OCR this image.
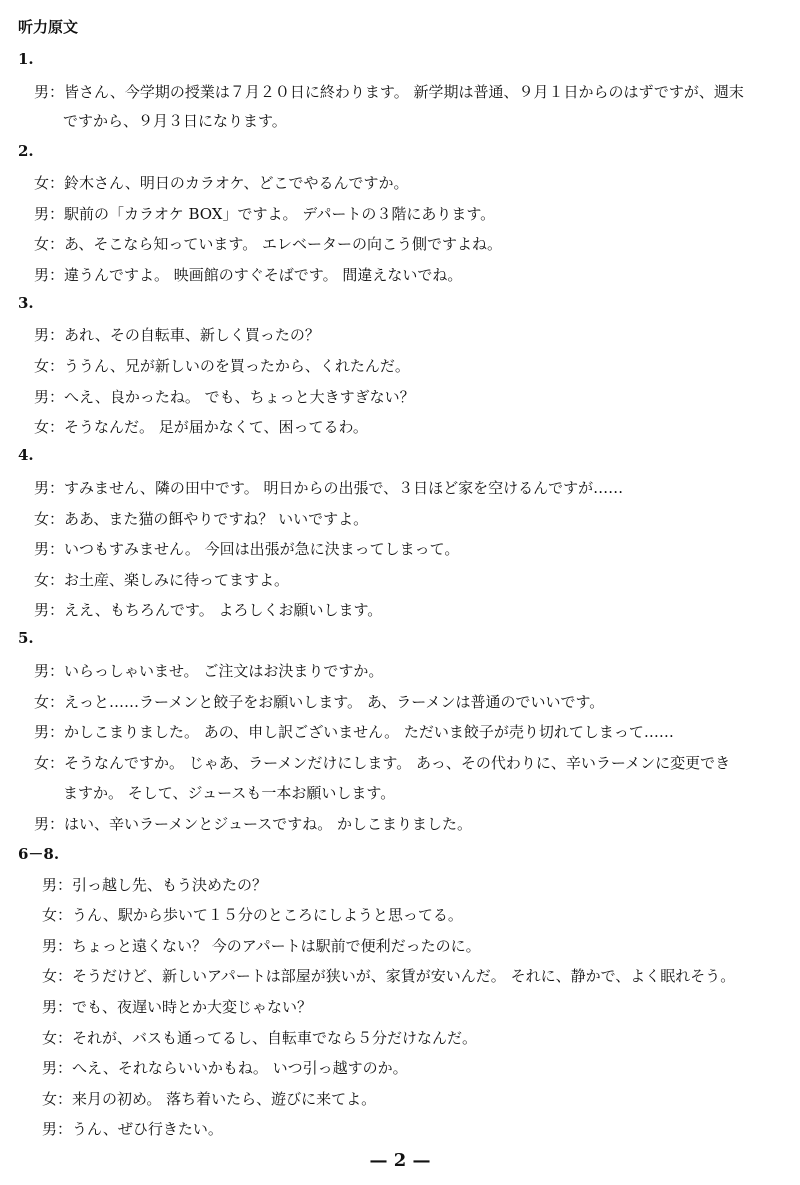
听力原文
1.
男：皆さん、今学期の授業は７月２０日に終わります。 新学期は普通、９月１日からのはずですが、週末
ですから、９月３日になります。
2.
女：鈴木さん、明日のカラオケ、どこでやるんですか。
男：駅前の「カラオケ BOX」ですよ。 デパートの３階にあります。
女：あ、そこなら知っています。 エレベーターの向こう側ですよね。
男：違うんですよ。 映画館のすぐそばです。 間違えないでね。
3.
男：あれ、その自転車、新しく買ったの？
女：ううん、兄が新しいのを買ったから、くれたんだ。
男：へえ、良かったね。 でも、ちょっと大きすぎない？
女：そうなんだ。 足が届かなくて、困ってるわ。
4.
男：すみません、隣の田中です。 明日からの出張で、３日ほど家を空けるんですが……
女：ああ、また猫の餌やりですね？ いいですよ。
男：いつもすみません。 今回は出張が急に決まってしまって。
女：お土産、楽しみに待ってますよ。
男：ええ、もちろんです。 よろしくお願いします。
5.
男：いらっしゃいませ。 ご注文はお決まりですか。
女：えっと……ラーメンと餃子をお願いします。 あ、ラーメンは普通のでいいです。
男：かしこまりました。 あの、申し訳ございません。 ただいま餃子が売り切れてしまって……
女：そうなんですか。 じゃあ、ラーメンだけにします。 あっ、その代わりに、辛いラーメンに変更でき
ますか。 そして、ジュースも一本お願いします。
男：はい、辛いラーメンとジュースですね。 かしこまりました。
6－8.
男：引っ越し先、もう決めたの？
女：うん、駅から歩いて１５分のところにしようと思ってる。
男：ちょっと遠くない？ 今のアパートは駅前で便利だったのに。
女：そうだけど、新しいアパートは部屋が狭いが、家賃が安いんだ。 それに、静かで、よく眠れそう。
男：でも、夜遅い時とか大変じゃない？
女：それが、バスも通ってるし、自転車でなら５分だけなんだ。
男：へえ、それならいいかもね。 いつ引っ越すのか。
女：来月の初め。 落ち着いたら、遊びに来てよ。
男：うん、ぜひ行きたい。
— 2 —
